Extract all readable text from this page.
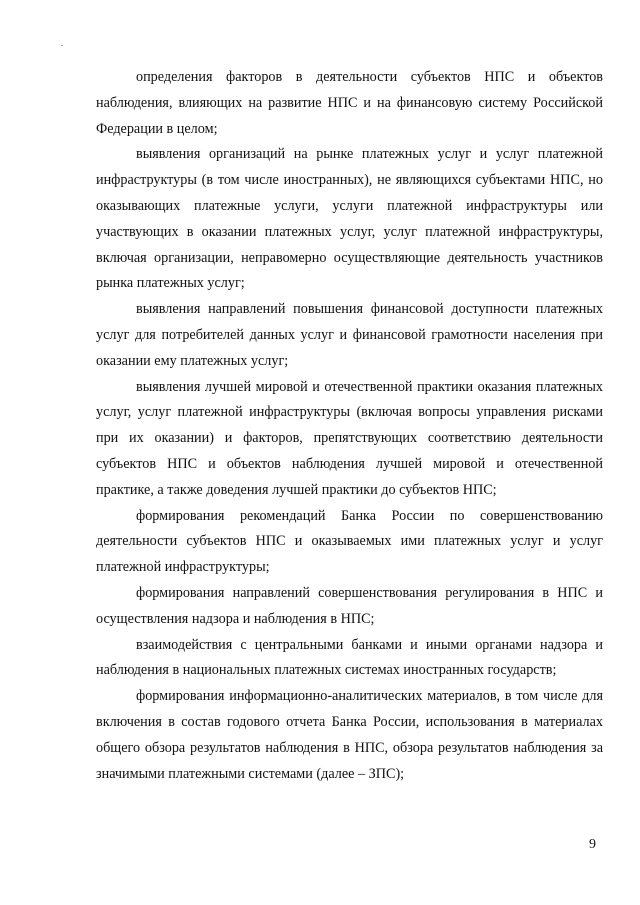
определения факторов в деятельности субъектов НПС и объектов наблюдения, влияющих на развитие НПС и на финансовую систему Российской Федерации в целом;

выявления организаций на рынке платежных услуг и услуг платежной инфраструктуры (в том числе иностранных), не являющихся субъектами НПС, но оказывающих платежные услуги, услуги платежной инфраструктуры или участвующих в оказании платежных услуг, услуг платежной инфраструктуры, включая организации, неправомерно осуществляющие деятельность участников рынка платежных услуг;

выявления направлений повышения финансовой доступности платежных услуг для потребителей данных услуг и финансовой грамотности населения при оказании ему платежных услуг;

выявления лучшей мировой и отечественной практики оказания платежных услуг, услуг платежной инфраструктуры (включая вопросы управления рисками при их оказании) и факторов, препятствующих соответствию деятельности субъектов НПС и объектов наблюдения лучшей мировой и отечественной практике, а также доведения лучшей практики до субъектов НПС;

формирования рекомендаций Банка России по совершенствованию деятельности субъектов НПС и оказываемых ими платежных услуг и услуг платежной инфраструктуры;

формирования направлений совершенствования регулирования в НПС и осуществления надзора и наблюдения в НПС;

взаимодействия с центральными банками и иными органами надзора и наблюдения в национальных платежных системах иностранных государств;

формирования информационно-аналитических материалов, в том числе для включения в состав годового отчета Банка России, использования в материалах общего обзора результатов наблюдения в НПС, обзора результатов наблюдения за значимыми платежными системами (далее – ЗПС);

9
